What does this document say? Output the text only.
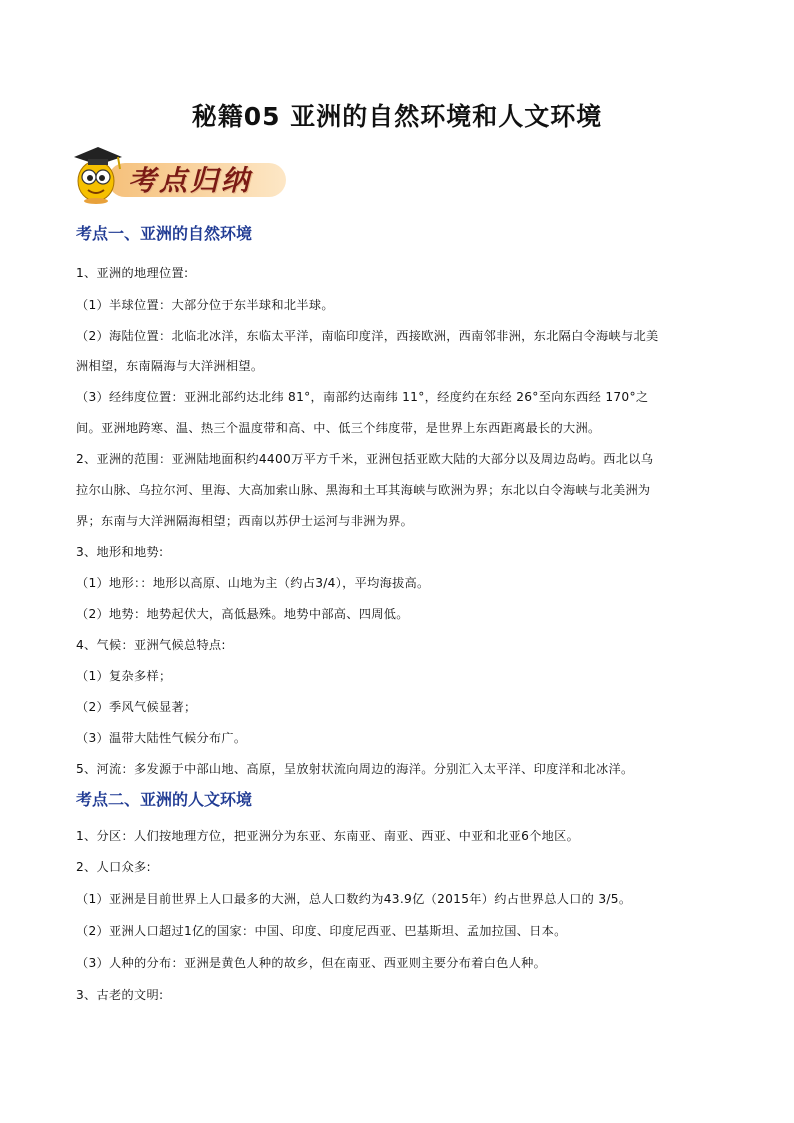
秘籍05 亚洲的自然环境和人文环境
考点归纳
考点一、亚洲的自然环境
1、亚洲的地理位置:
（1）半球位置：大部分位于东半球和北半球。
（2）海陆位置：北临北冰洋，东临太平洋，南临印度洋，西接欧洲，西南邻非洲，东北隔白令海峡与北美
洲相望，东南隔海与大洋洲相望。
（3）经纬度位置：亚洲北部约达北纬 81°，南部约达南纬 11°，经度约在东经 26°至向东西经 170°之
间。亚洲地跨寒、温、热三个温度带和高、中、低三个纬度带，是世界上东西距离最长的大洲。
2、亚洲的范围：亚洲陆地面积约4400万平方千米，亚洲包括亚欧大陆的大部分以及周边岛屿。西北以乌
拉尔山脉、乌拉尔河、里海、大高加索山脉、黑海和土耳其海峡与欧洲为界；东北以白令海峡与北美洲为
界；东南与大洋洲隔海相望；西南以苏伊士运河与非洲为界。
3、地形和地势:
（1）地形：：地形以高原、山地为主（约占3/4），平均海拔高。
（2）地势：地势起伏大，高低悬殊。地势中部高、四周低。
4、气候：亚洲气候总特点:
（1）复杂多样；
（2）季风气候显著；
（3）温带大陆性气候分布广。
5、河流：多发源于中部山地、高原，呈放射状流向周边的海洋。分别汇入太平洋、印度洋和北冰洋。
考点二、亚洲的人文环境
1、分区：人们按地理方位，把亚洲分为东亚、东南亚、南亚、西亚、中亚和北亚6个地区。
2、人口众多:
（1）亚洲是目前世界上人口最多的大洲，总人口数约为43.9亿（2015年）约占世界总人口的 3/5。
（2）亚洲人口超过1亿的国家：中国、印度、印度尼西亚、巴基斯坦、孟加拉国、日本。
（3）人种的分布：亚洲是黄色人种的故乡，但在南亚、西亚则主要分布着白色人种。
3、古老的文明:
